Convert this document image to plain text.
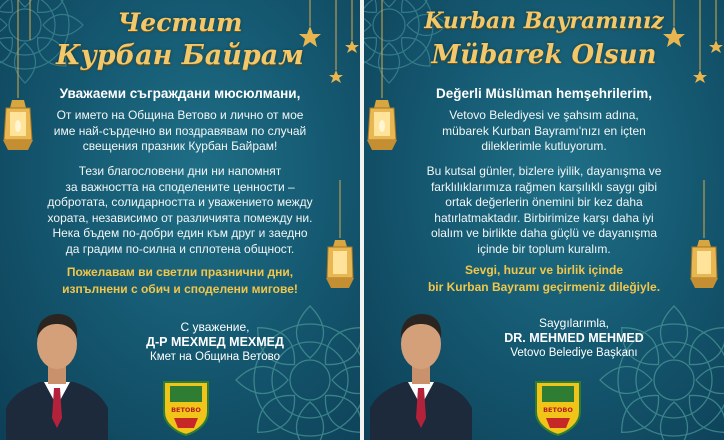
Честит
Курбан Байрам
Уважаеми съграждани мюсюлмани,
От името на Община Ветово и лично от мое
име най-сърдечно ви поздравявам по случай
свещения празник Курбан Байрам!
Тези благословени дни ни напомнят
за важността на споделените ценности –
добротата, солидарността и уважението между
хората, независимо от различията помежду ни.
Нека бъдем по-добри един към друг и заедно
да градим по-силна и сплотена общност.
Пожелавам ви светли празнични дни,
изпълнени с обич и споделени мигове!
С уважение,
Д-Р МЕХМЕД МЕХМЕД
Кмет на Община Ветово
ВЕТОВО
Kurban Bayramınız
Mübarek Olsun
Değerli Müslüman hemşehrilerim,
Vetovo Belediyesi ve şahsım adına,
mübarek Kurban Bayramı'nızı en içten
dileklerimle kutluyorum.
Bu kutsal günler, bizlere iyilik, dayanışma ve
farklılıklarımıza rağmen karşılıklı saygı gibi
ortak değerlerin önemini bir kez daha
hatırlatmaktadır. Birbirimize karşı daha iyi
olalım ve birlikte daha güçlü ve dayanışma
içinde bir toplum kuralım.
Sevgi, huzur ve birlik içinde
bir Kurban Bayramı geçirmeniz dileğiyle.
Saygılarımla,
DR. MEHMED MEHMED
Vetovo Belediye Başkanı
ВЕТОВО
